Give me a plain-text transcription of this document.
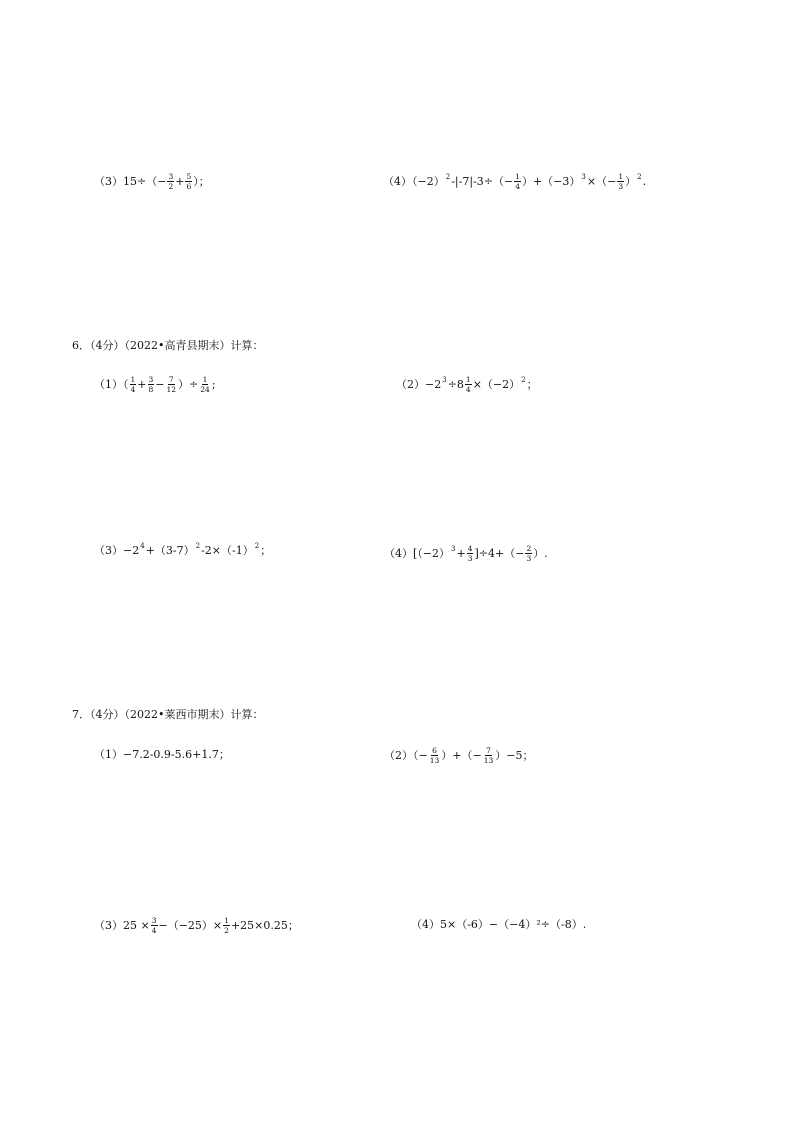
$(3)15\div(- \frac{3}{2} + \frac{5}{6}$ ）；	（4）（−2） 2 $-|-7|-3\div(- \frac{1}{4} )+(-3)$ 3 ×（− $\frac{1}{3}$ ） 2 .
6．（4分）（2022•高青县期末）计算：
$(1)( \frac{1}{4} + \frac{3}{8} - \frac{7}{12}$ ）÷ $\frac{1}{24}$ ;	（2）−2 $3 \div 8 \frac{1}{4} \times(-2)$ 2 ；
（3）−2 4 +（3-7） 2 -2×（-1） 2 ；	（4）[（−2） $3 + \frac{4}{3} ]\div 4+(- \frac{2}{3}$ ）.
7．（4分）（2022•莱西市期末）计算：
（1）−7.2-0.9-5.6+1.7；	$(2)(- \frac{6}{13}$ ）+（− $\frac{7}{13} )-5$；
$(3)25 \times \frac{3}{4} -(-25)\times \frac{1}{2} +25\times 0.25$；	（4）5×（-6）−（−4）²÷（-8）.
